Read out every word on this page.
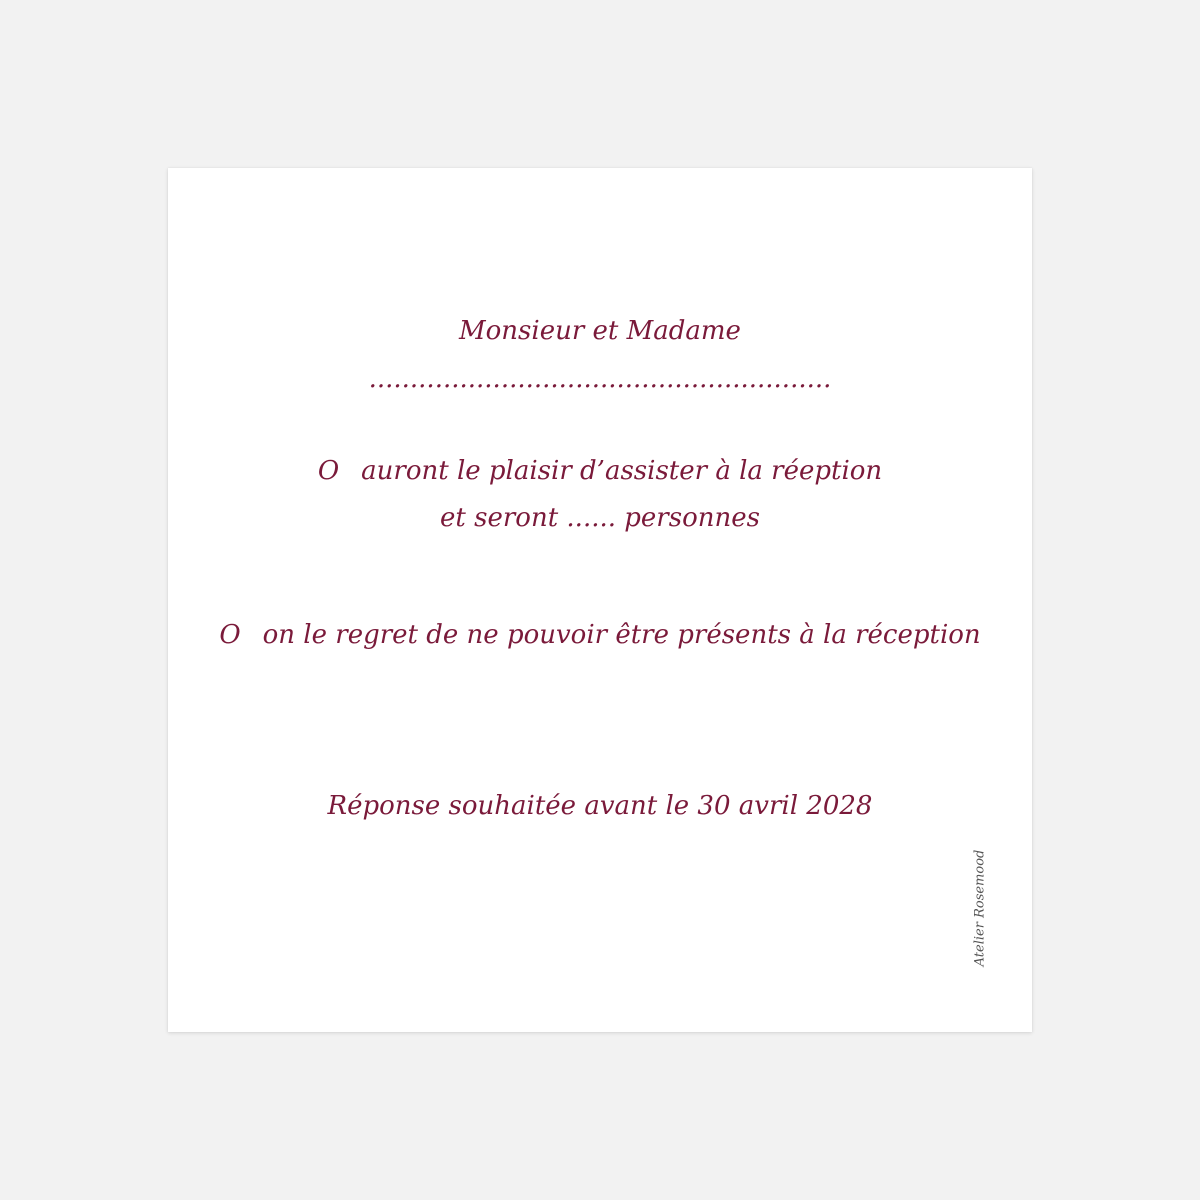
Monsieur et Madame
........................................................
O auront le plaisir d’assister à la réeption
et seront ...... personnes
O on le regret de ne pouvoir être présents à la réception
Réponse souhaitée avant le 30 avril 2028
Atelier Rosemood
